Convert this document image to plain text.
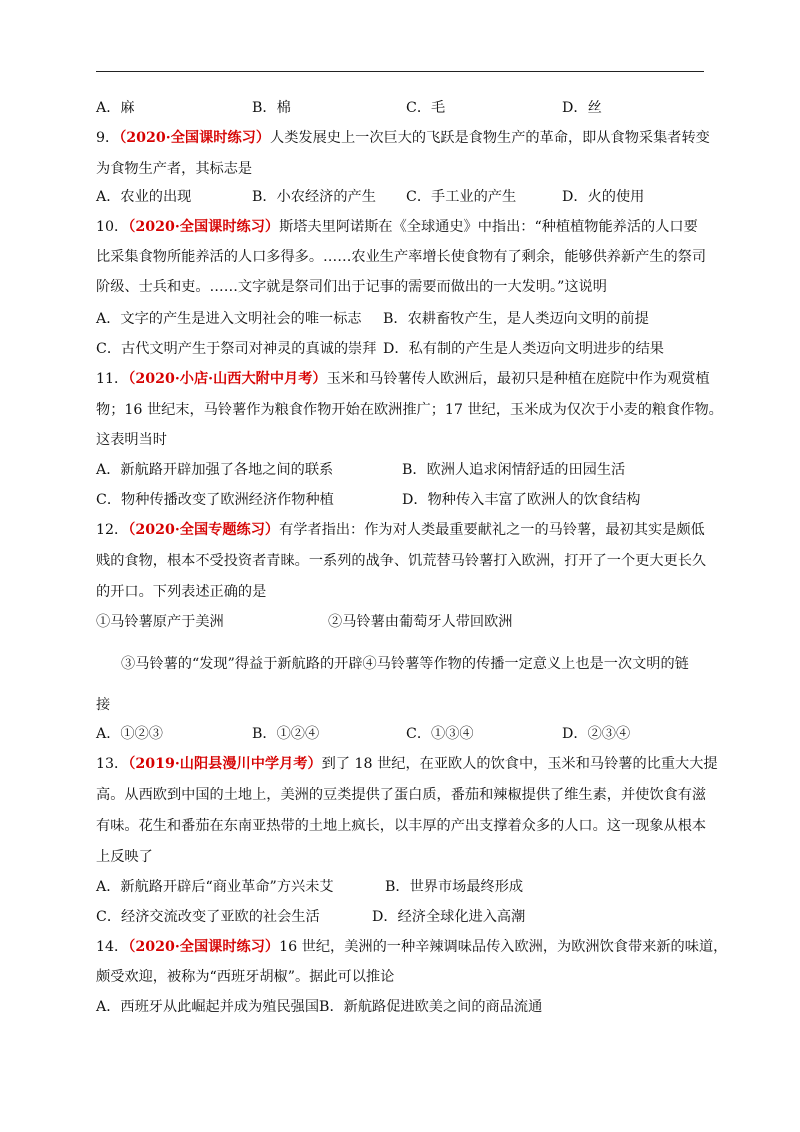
A．麻	B．棉	C．毛	D．丝
9．（2020·全国课时练习）人类发展史上一次巨大的飞跃是食物生产的革命，即从食物采集者转变
为食物生产者，其标志是
A．农业的出现	B．小农经济的产生 C．手工业的产生	D．火的使用
10．（2020·全国课时练习）斯塔夫里阿诺斯在《全球通史》中指出：“种植植物能养活的人口要
比采集食物所能养活的人口多得多。……农业生产率增长使食物有了剩余，能够供养新产生的祭司
阶级、士兵和吏。……文字就是祭司们出于记事的需要而做出的一大发明。”这说明
A．文字的产生是进入文明社会的唯一标志 B．农耕畜牧产生，是人类迈向文明的前提
C．古代文明产生于祭司对神灵的真诚的崇拜 D．私有制的产生是人类迈向文明进步的结果
11．（2020·小店·山西大附中月考）玉米和马铃薯传人欧洲后，最初只是种植在庭院中作为观赏植
物；16 世纪末，马铃薯作为粮食作物开始在欧洲推广；17 世纪，玉米成为仅次于小麦的粮食作物。
这表明当时
A．新航路开辟加强了各地之间的联系	B．欧洲人追求闲情舒适的田园生活
C．物种传播改变了欧洲经济作物种植	D．物种传入丰富了欧洲人的饮食结构
12．（2020·全国专题练习）有学者指出：作为对人类最重要献礼之一的马铃薯，最初其实是颇低
贱的食物，根本不受投资者青睐。一系列的战争、饥荒替马铃薯打入欧洲，打开了一个更大更长久
的开口。下列表述正确的是
①马铃薯原产于美洲	②马铃薯由葡萄牙人带回欧洲
③马铃薯的“发现”得益于新航路的开辟④马铃薯等作物的传播一定意义上也是一次文明的链
接
A．①②③	B．①②④	C．①③④	D．②③④
13．（2019·山阳县漫川中学月考）到了 18 世纪，在亚欧人的饮食中，玉米和马铃薯的比重大大提
高。从西欧到中国的土地上，美洲的豆类提供了蛋白质，番茄和辣椒提供了维生素，并使饮食有滋
有味。花生和番茄在东南亚热带的土地上疯长，以丰厚的产出支撑着众多的人口。这一现象从根本
上反映了
A．新航路开辟后“商业革命”方兴未艾	B．世界市场最终形成
C．经济交流改变了亚欧的社会生活	D．经济全球化进入高潮
14．（2020·全国课时练习）16 世纪，美洲的一种辛辣调味品传入欧洲，为欧洲饮食带来新的味道，
颇受欢迎，被称为“西班牙胡椒”。据此可以推论
A．西班牙从此崛起并成为殖民强国B．新航路促进欧美之间的商品流通
